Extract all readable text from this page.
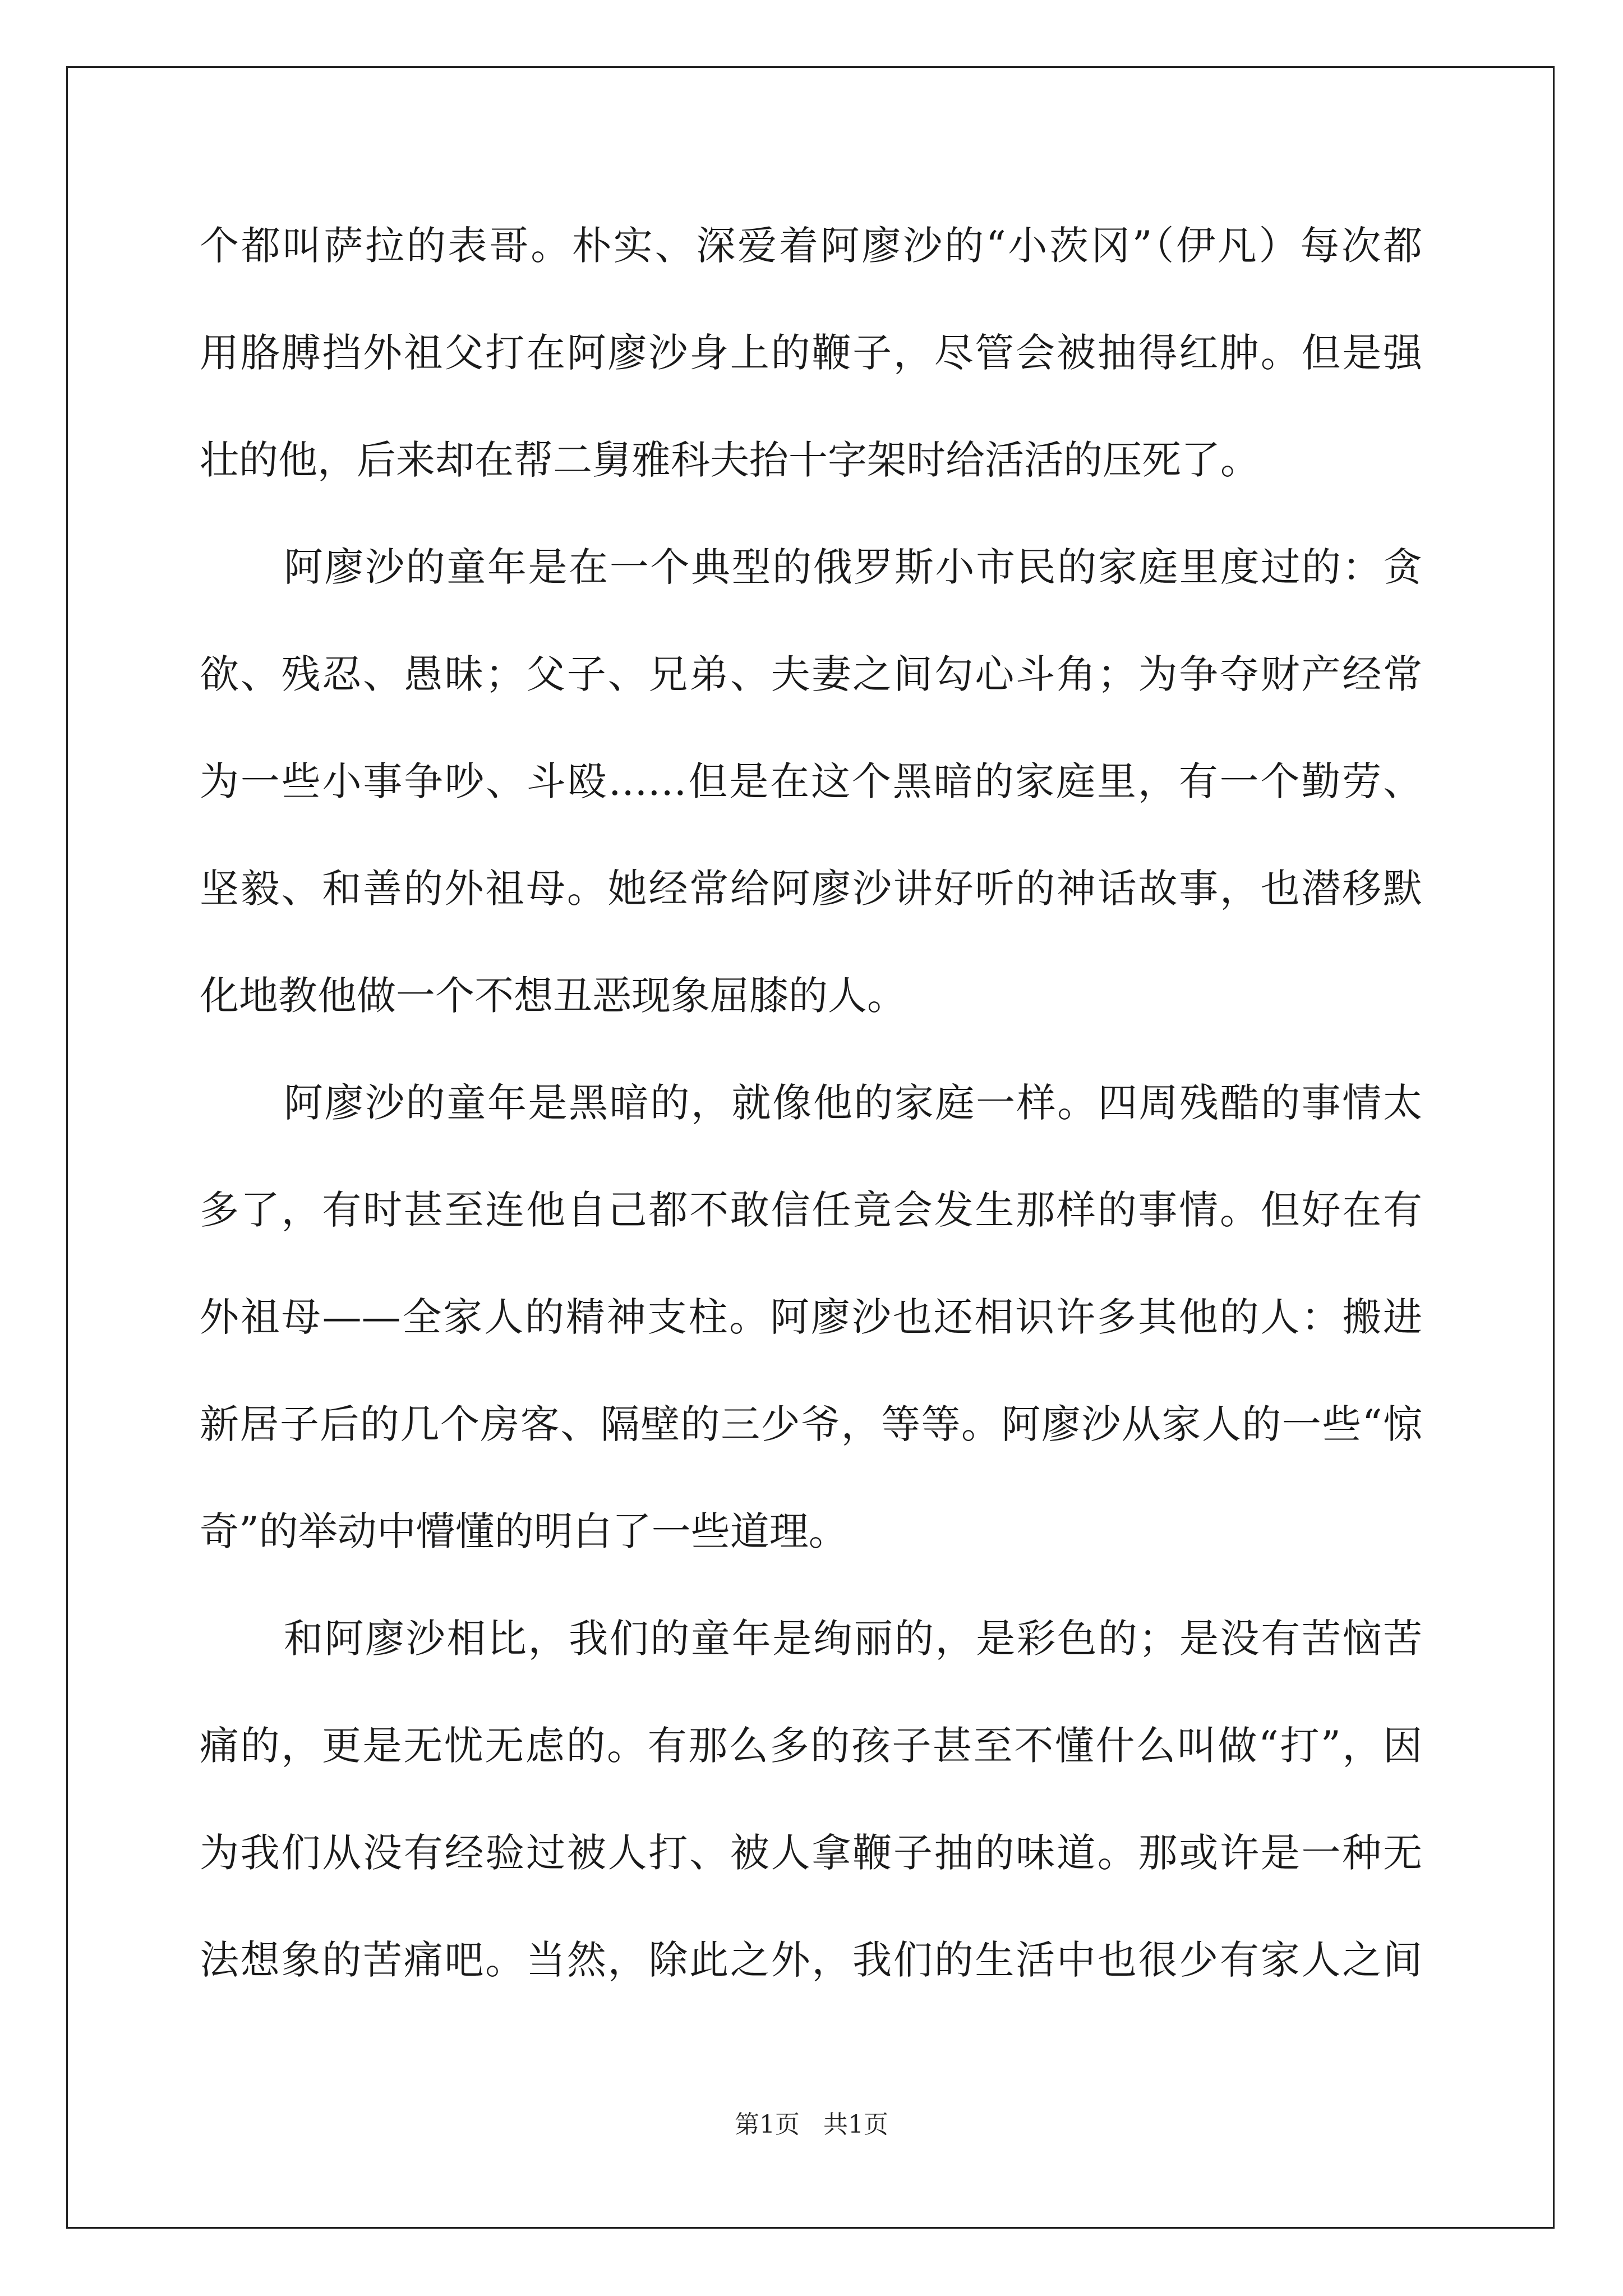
个都叫萨拉的表哥。朴实、深爱着阿廖沙的“小茨冈”（伊凡）每次都
用胳膊挡外祖父打在阿廖沙身上的鞭子，尽管会被抽得红肿。但是强
壮的他，后来却在帮二舅雅科夫抬十字架时给活活的压死了。
阿廖沙的童年是在一个典型的俄罗斯小市民的家庭里度过的：贪
欲、残忍、愚昧；父子、兄弟、夫妻之间勾心斗角；为争夺财产经常
为一些小事争吵、斗殴……但是在这个黑暗的家庭里，有一个勤劳、
坚毅、和善的外祖母。她经常给阿廖沙讲好听的神话故事，也潜移默
化地教他做一个不想丑恶现象屈膝的人。
阿廖沙的童年是黑暗的，就像他的家庭一样。四周残酷的事情太
多了，有时甚至连他自己都不敢信任竟会发生那样的事情。但好在有
外祖母——全家人的精神支柱。阿廖沙也还相识许多其他的人：搬进
新居子后的几个房客、隔壁的三少爷，等等。阿廖沙从家人的一些“惊
奇”的举动中懵懂的明白了一些道理。
和阿廖沙相比，我们的童年是绚丽的，是彩色的；是没有苦恼苦
痛的，更是无忧无虑的。有那么多的孩子甚至不懂什么叫做“打”，因
为我们从没有经验过被人打、被人拿鞭子抽的味道。那或许是一种无
法想象的苦痛吧。当然，除此之外，我们的生活中也很少有家人之间
第1页 共1页
